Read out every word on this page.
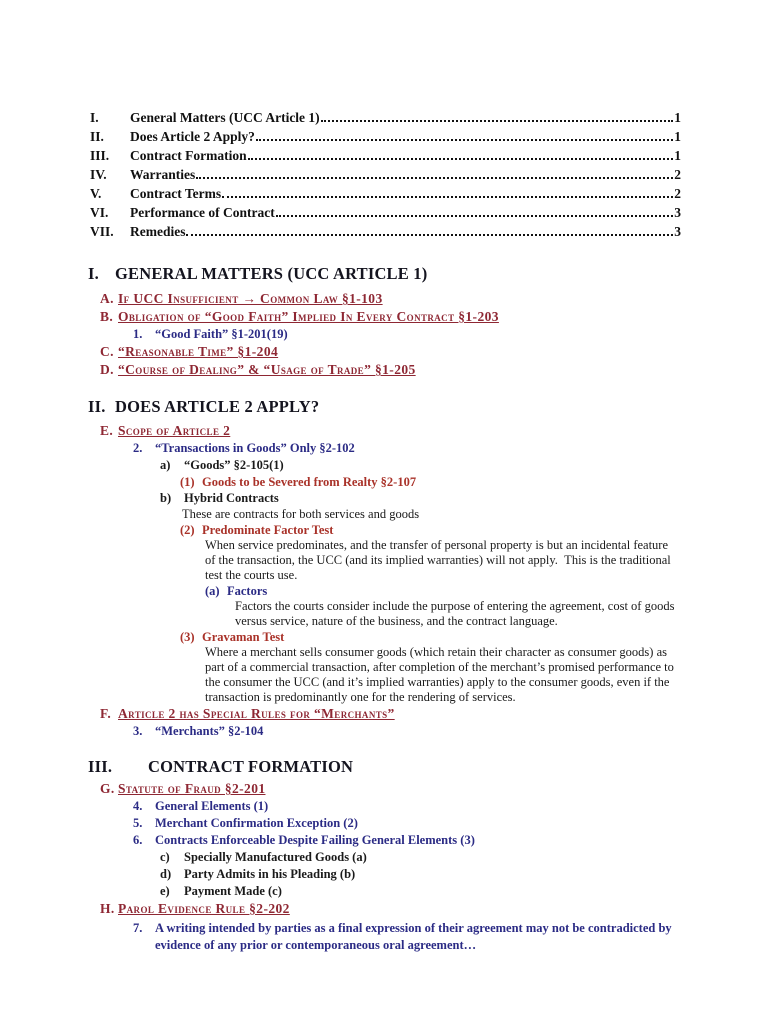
I.	General Matters (UCC Article 1)	1
II.	Does Article 2 Apply?	1
III.	Contract Formation	1
IV.	Warranties	2
V.	Contract Terms	2
VI.	Performance of Contract	3
VII.	Remedies	3
I. GENERAL MATTERS (UCC ARTICLE 1)
A. If UCC Insufficient → Common Law §1-103
B. Obligation of “Good Faith” Implied In Every Contract §1-203
1.	“Good Faith” §1-201(19)
C. “Reasonable Time” §1-204
D. “Course of Dealing” & “Usage of Trade” §1-205
II. DOES ARTICLE 2 APPLY?
E. Scope of Article 2
2.	“Transactions in Goods” Only §2-102
a)	“Goods” §2-105(1)
(1) Goods to be Severed from Realty §2-107
b)	Hybrid Contracts
These are contracts for both services and goods
(2) Predominate Factor Test
When service predominates, and the transfer of personal property is but an incidental feature of the transaction, the UCC (and its implied warranties) will not apply.  This is the traditional test the courts use.
(a) Factors
Factors the courts consider include the purpose of entering the agreement, cost of goods versus service, nature of the business, and the contract language.
(3) Gravaman Test
Where a merchant sells consumer goods (which retain their character as consumer goods) as part of a commercial transaction, after completion of the merchant’s promised performance to the consumer the UCC (and it’s implied warranties) apply to the consumer goods, even if the transaction is predominantly one for the rendering of services.
F. Article 2 has Special Rules for “Merchants”
3.	“Merchants” §2-104
III.	CONTRACT FORMATION
G. Statute of Fraud §2-201
4.	General Elements (1)
5.	Merchant Confirmation Exception (2)
6.	Contracts Enforceable Despite Failing General Elements (3)
c)	Specially Manufactured Goods (a)
d)	Party Admits in his Pleading (b)
e)	Payment Made (c)
H. Parol Evidence Rule §2-202
7.	A writing intended by parties as a final expression of their agreement may not be contradicted by evidence of any prior or contemporaneous oral agreement…
